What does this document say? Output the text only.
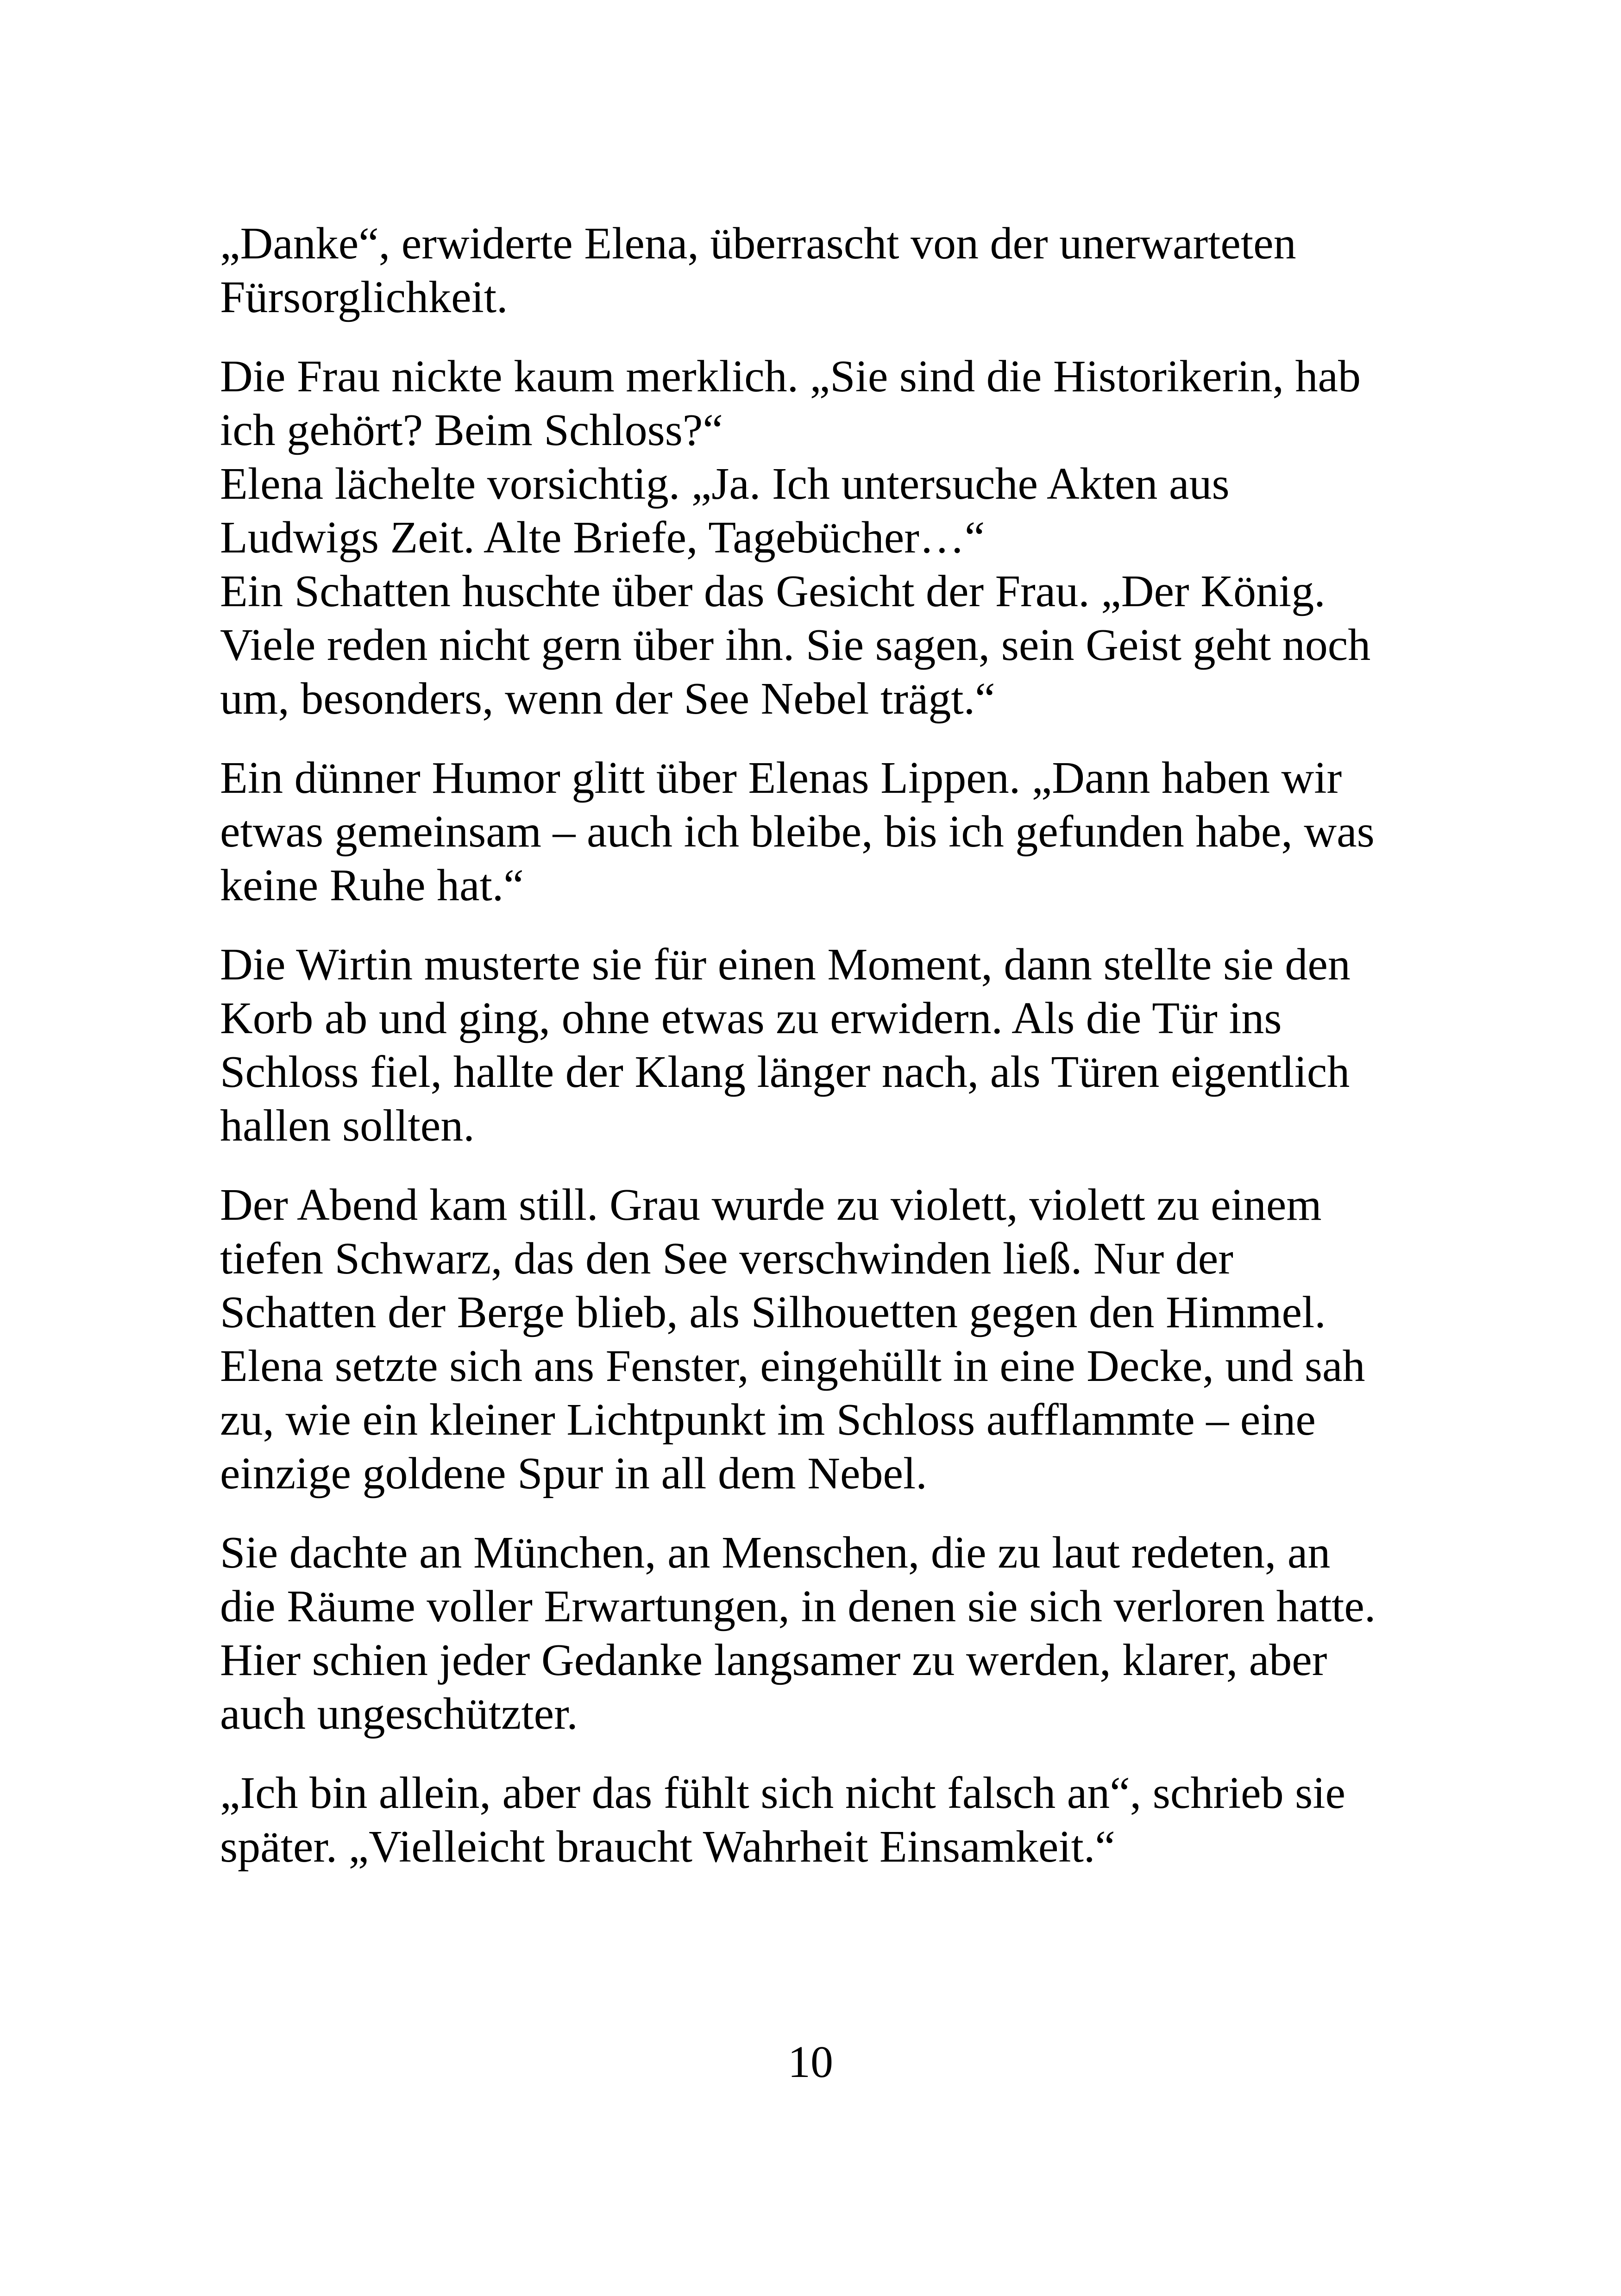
„Danke“, erwiderte Elena, überrascht von der unerwarteten
Fürsorglichkeit.

Die Frau nickte kaum merklich. „Sie sind die Historikerin, hab
ich gehört? Beim Schloss?“

Elena lächelte vorsichtig. „Ja. Ich untersuche Akten aus
Ludwigs Zeit. Alte Briefe, Tagebücher…“

Ein Schatten huschte über das Gesicht der Frau. „Der König.
Viele reden nicht gern über ihn. Sie sagen, sein Geist geht noch
um, besonders, wenn der See Nebel trägt.“

Ein dünner Humor glitt über Elenas Lippen. „Dann haben wir
etwas gemeinsam – auch ich bleibe, bis ich gefunden habe, was
keine Ruhe hat.“

Die Wirtin musterte sie für einen Moment, dann stellte sie den
Korb ab und ging, ohne etwas zu erwidern. Als die Tür ins
Schloss fiel, hallte der Klang länger nach, als Türen eigentlich
hallen sollten.

Der Abend kam still. Grau wurde zu violett, violett zu einem
tiefen Schwarz, das den See verschwinden ließ. Nur der
Schatten der Berge blieb, als Silhouetten gegen den Himmel.
Elena setzte sich ans Fenster, eingehüllt in eine Decke, und sah
zu, wie ein kleiner Lichtpunkt im Schloss aufflammte – eine
einzige goldene Spur in all dem Nebel.

Sie dachte an München, an Menschen, die zu laut redeten, an
die Räume voller Erwartungen, in denen sie sich verloren hatte.
Hier schien jeder Gedanke langsamer zu werden, klarer, aber
auch ungeschützter.

„Ich bin allein, aber das fühlt sich nicht falsch an“, schrieb sie
später. „Vielleicht braucht Wahrheit Einsamkeit.“

10
